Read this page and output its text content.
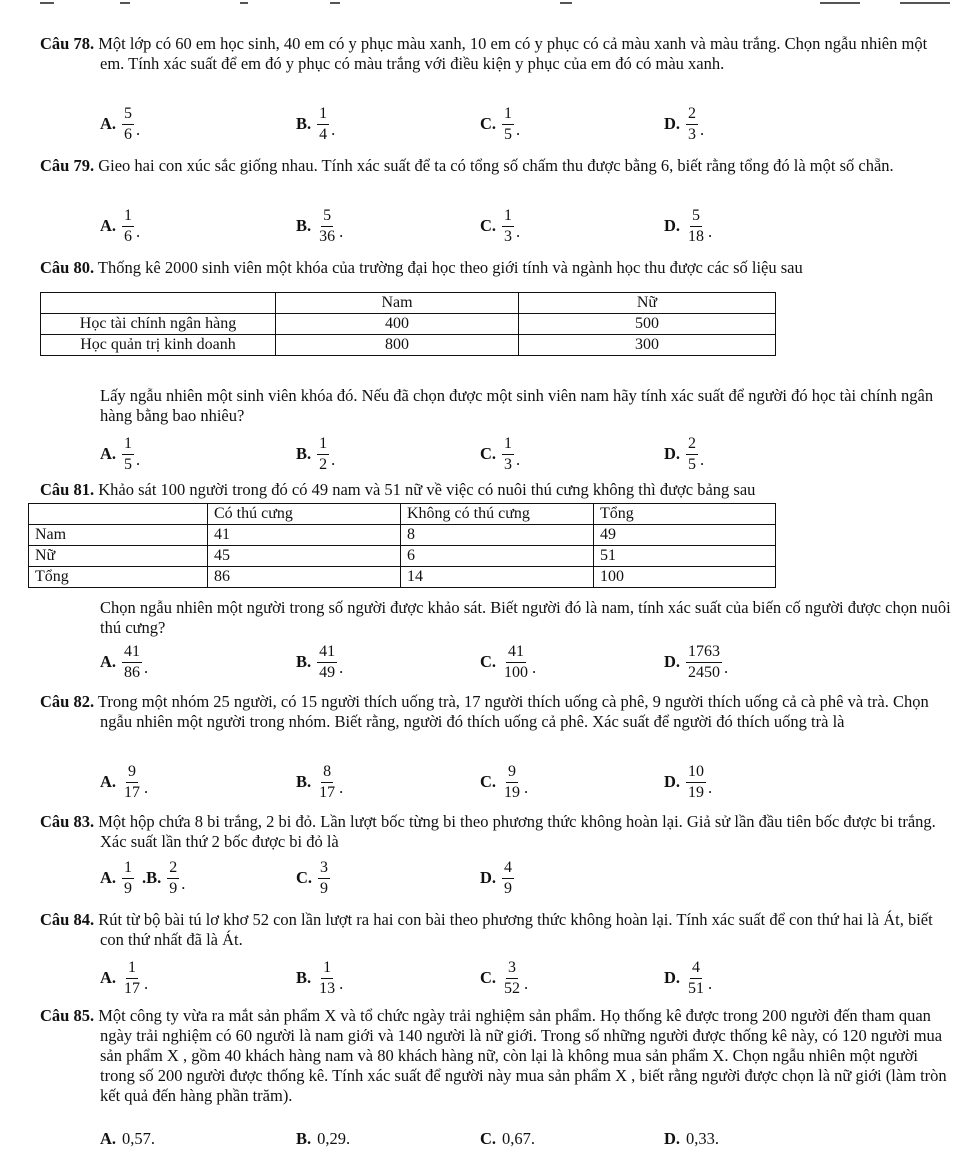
Câu 78. Một lớp có 60 em học sinh, 40 em có y phục màu xanh, 10 em có y phục có cả màu xanh và màu trắng. Chọn ngẫu nhiên một em. Tính xác suất để em đó y phục có màu trắng với điều kiện y phục của em đó có màu xanh.
A. $\frac{5}{6}$ .	B. $\frac{1}{4}$ .	C. $\frac{1}{5}$ .	D. $\frac{2}{3}$ .
Câu 79. Gieo hai con xúc sắc giống nhau. Tính xác suất để ta có tổng số chấm thu được bằng 6, biết rằng tổng đó là một số chẵn.
A. $\frac{1}{6}$ .	B. $\frac{5}{36}$ .	C. $\frac{1}{3}$ .	D. $\frac{5}{18}$ .
Câu 80. Thống kê 2000 sinh viên một khóa của trường đại học theo giới tính và ngành học thu được các số liệu sau
	Nam	Nữ
Học tài chính ngân hàng	400	500
Học quản trị kinh doanh	800	300
Lấy ngẫu nhiên một sinh viên khóa đó. Nếu đã chọn được một sinh viên nam hãy tính xác suất để người đó học tài chính ngân hàng bằng bao nhiêu?
A. $\frac{1}{5}$ .	B. $\frac{1}{2}$ .	C. $\frac{1}{3}$ .	D. $\frac{2}{5}$ .
Câu 81. Khảo sát 100 người trong đó có 49 nam và 51 nữ về việc có nuôi thú cưng không thì được bảng sau
	Có thú cưng	Không có thú cưng	Tổng
Nam	41	8	49
Nữ	45	6	51
Tổng	86	14	100
Chọn ngẫu nhiên một người trong số người được khảo sát. Biết người đó là nam, tính xác suất của biến cố người được chọn nuôi thú cưng?
A. $\frac{41}{86}$ .	B. $\frac{41}{49}$ .	C. $\frac{41}{100}$ .	D. $\frac{1763}{2450}$ .
Câu 82. Trong một nhóm 25 người, có 15 người thích uống trà, 17 người thích uống cà phê, 9 người thích uống cả cà phê và trà. Chọn ngẫu nhiên một người trong nhóm. Biết rằng, người đó thích uống cả phê. Xác suất để người đó thích uống trà là
A. $\frac{9}{17}$ .	B. $\frac{8}{17}$ .	C. $\frac{9}{19}$ .	D. $\frac{10}{19}$ .
Câu 83. Một hộp chứa 8 bi trắng, 2 bi đỏ. Lần lượt bốc từng bi theo phương thức không hoàn lại. Giả sử lần đầu tiên bốc được bi trắng. Xác suất lần thứ 2 bốc được bi đỏ là
A. $\frac{1}{9} .B$. $\frac{2}{9}$ .	C. $\frac{3}{9}$	D. $\frac{4}{9}$
Câu 84. Rút từ bộ bài tú lơ khơ 52 con lần lượt ra hai con bài theo phương thức không hoàn lại. Tính xác suất để con thứ hai là Át, biết con thứ nhất đã là Át.
A. $\frac{1}{17}$ .	B. $\frac{1}{13}$ .	C. $\frac{3}{52}$ .	D. $\frac{4}{51}$ .
Câu 85. Một công ty vừa ra mắt sản phẩm X và tổ chức ngày trải nghiệm sản phẩm. Họ thống kê được trong 200 người đến tham quan ngày trải nghiệm có 60 người là nam giới và 140 người là nữ giới. Trong số những người được thống kê này, có 120 người mua sản phẩm X , gồm 40 khách hàng nam và 80 khách hàng nữ, còn lại là không mua sản phẩm X. Chọn ngẫu nhiên một người trong số 200 người được thống kê. Tính xác suất để người này mua sản phẩm X , biết rằng người được chọn là nữ giới (làm tròn kết quả đến hàng phần trăm).
A. 0,57.	B. 0,29.	C. 0,67.	D. 0,33.
